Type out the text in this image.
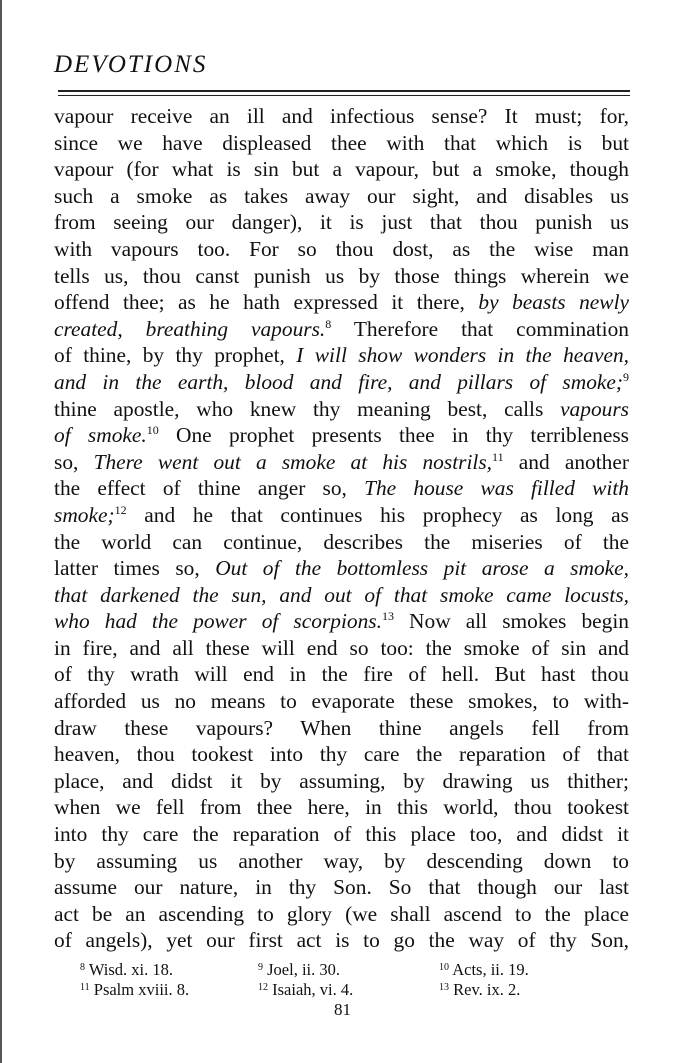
DEVOTIONS
vapour receive an ill and infectious sense? It must; for,
since we have displeased thee with that which is but
vapour (for what is sin but a vapour, but a smoke, though
such a smoke as takes away our sight, and disables us
from seeing our danger), it is just that thou punish us
with vapours too. For so thou dost, as the wise man
tells us, thou canst punish us by those things wherein we
offend thee; as he hath expressed it there, by beasts newly
created, breathing vapours.$^8$ Therefore that commination
of thine, by thy prophet, I will show wonders in the heaven,
and in the earth, blood and fire, and pillars of smoke;$^9$
thine apostle, who knew thy meaning best, calls vapours
of smoke.$^{10}$ One prophet presents thee in thy terribleness
so, There went out a smoke at his nostrils,$^{11}$ and another
the effect of thine anger so, The house was filled with
smoke;$^{12}$ and he that continues his prophecy as long as
the world can continue, describes the miseries of the
latter times so, Out of the bottomless pit arose a smoke,
that darkened the sun, and out of that smoke came locusts,
who had the power of scorpions.$^{13}$ Now all smokes begin
in fire, and all these will end so too: the smoke of sin and
of thy wrath will end in the fire of hell. But hast thou
afforded us no means to evaporate these smokes, to with-
draw these vapours? When thine angels fell from
heaven, thou tookest into thy care the reparation of that
place, and didst it by assuming, by drawing us thither;
when we fell from thee here, in this world, thou tookest
into thy care the reparation of this place too, and didst it
by assuming us another way, by descending down to
assume our nature, in thy Son. So that though our last
act be an ascending to glory (we shall ascend to the place
of angels), yet our first act is to go the way of thy Son,
$^8$ Wisd. xi. 18.	$^9$ Joel, ii. 30.	$^{10}$ Acts, ii. 19.
$^{11}$ Psalm xviii. 8.	$^{12}$ Isaiah, vi. 4.	$^{13}$ Rev. ix. 2.
81
